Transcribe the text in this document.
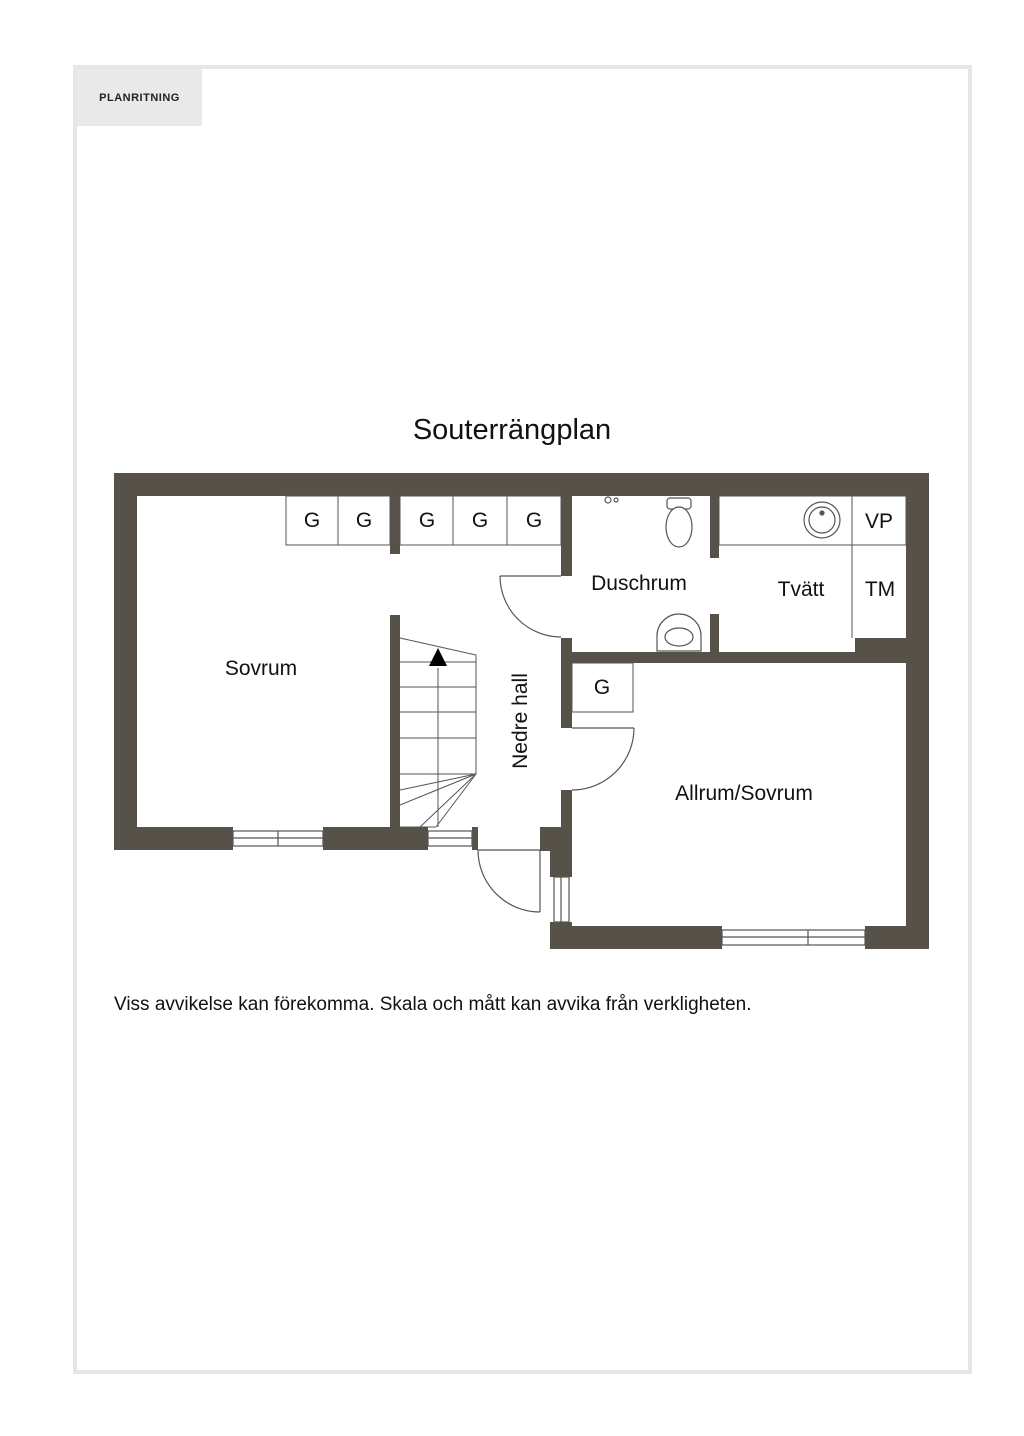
PLANRITNING
Souterrängplan
G G G G G
G
Sovrum
Duschrum	Tvätt TM
VP
Allrum/Sovrum
Nedre hall
Viss avvikelse kan förekomma. Skala och mått kan avvika från verkligheten.
